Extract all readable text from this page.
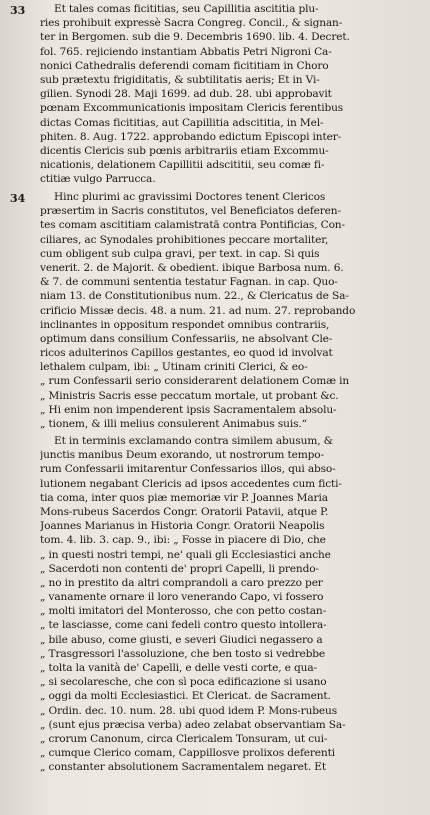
33	Et tales comas ficititias, seu Capillitia ascititia plu-
ries prohibuit expressè Sacra Congreg. Concil., & signan-
ter in Bergomen. sub die 9. Decembris 1690. lib. 4. Decret.
fol. 765. rejiciendo instantiam Abbatis Petri Nigroni Ca-
nonici Cathedralis deferendi comam ficititiam in Choro
sub prætextu frigiditatis, & subtilitatis aeris; Et in Vi-
gilien. Synodi 28. Maji 1699. ad dub. 28. ubi approbavit
pœnam Excommunicationis impositam Clericis ferentibus
dictas Comas ficititias, aut Capillitia adscititia, in Mel-
phiten. 8. Aug. 1722. approbando edictum Episcopi inter-
dicentis Clericis sub pœnis arbitrariis etiam Excommu-
nicationis, delationem Capillitii adscititii, seu comæ fi-
ctitiæ vulgo Parrucca.
34	Hinc plurimi ac gravissimi Doctores tenent Clericos
præsertim in Sacris constitutos, vel Beneficiatos deferen-
tes comam ascititiam calamistratā contra Pontificias, Con-
ciliares, ac Synodales prohibitiones peccare mortaliter,
cum obligent sub culpa gravi, per text. in cap. Si quis
venerit. 2. de Majorit. & obedient. ibique Barbosa num. 6.
& 7. de communi sententia testatur Fagnan. in cap. Quo-
niam 13. de Constitutionibus num. 22., & Clericatus de Sa-
crificio Missæ decis. 48. a num. 21. ad num. 27. reprobando
inclinantes in oppositum respondet omnibus contrariis,
optimum dans consilium Confessariis, ne absolvant Cle-
ricos adulterinos Capillos gestantes, eo quod id involvat
lethalem culpam, ibi: „ Utinam criniti Clerici, & eo-
„ rum Confessarii serio considerarent delationem Comæ in
„ Ministris Sacris esse peccatum mortale, ut probant &c.
„ Hi enim non impenderent ipsis Sacramentalem absolu-
„ tionem, & illi melius consulerent Animabus suis.“
Et in terminis exclamando contra similem abusum, &
junctis manibus Deum exorando, ut nostrorum tempo-
rum Confessarii imitarentur Confessarios illos, qui abso-
lutionem negabant Clericis ad ipsos accedentes cum ficti-
tia coma, inter quos piæ memoriæ vir P. Joannes Maria
Mons-rubeus Sacerdos Congr. Oratorii Patavii, atque P.
Joannes Marianus in Historia Congr. Oratorii Neapolis
tom. 4. lib. 3. cap. 9., ibi: „ Fosse in piacere di Dio, che
„ in questi nostri tempi, ne' quali gli Ecclesiastici anche
„ Sacerdoti non contenti de' propri Capelli, li prendo-
„ no in prestito da altri comprandoli a caro prezzo per
„ vanamente ornare il loro venerando Capo, vi fossero
„ molti imitatori del Monterosso, che con petto costan-
„ te lasciasse, come cani fedeli contro questo intollera-
„ bile abuso, come giusti, e severi Giudici negassero a
„ Trasgressori l'assoluzione, che ben tosto si vedrebbe
„ tolta la vanità de' Capelli, e delle vesti corte, e qua-
„ si secolaresche, che con sì poca edificazione si usano
„ oggi da molti Ecclesiastici. Et Clericat. de Sacrament.
„ Ordin. dec. 10. num. 28. ubi quod idem P. Mons-rubeus
„ (sunt ejus præcisa verba) adeo zelabat observantiam Sa-
„ crorum Canonum, circa Clericalem Tonsuram, ut cui-
„ cumque Clerico comam, Cappillosve prolixos deferenti
„ constanter absolutionem Sacramentalem negaret. Et
